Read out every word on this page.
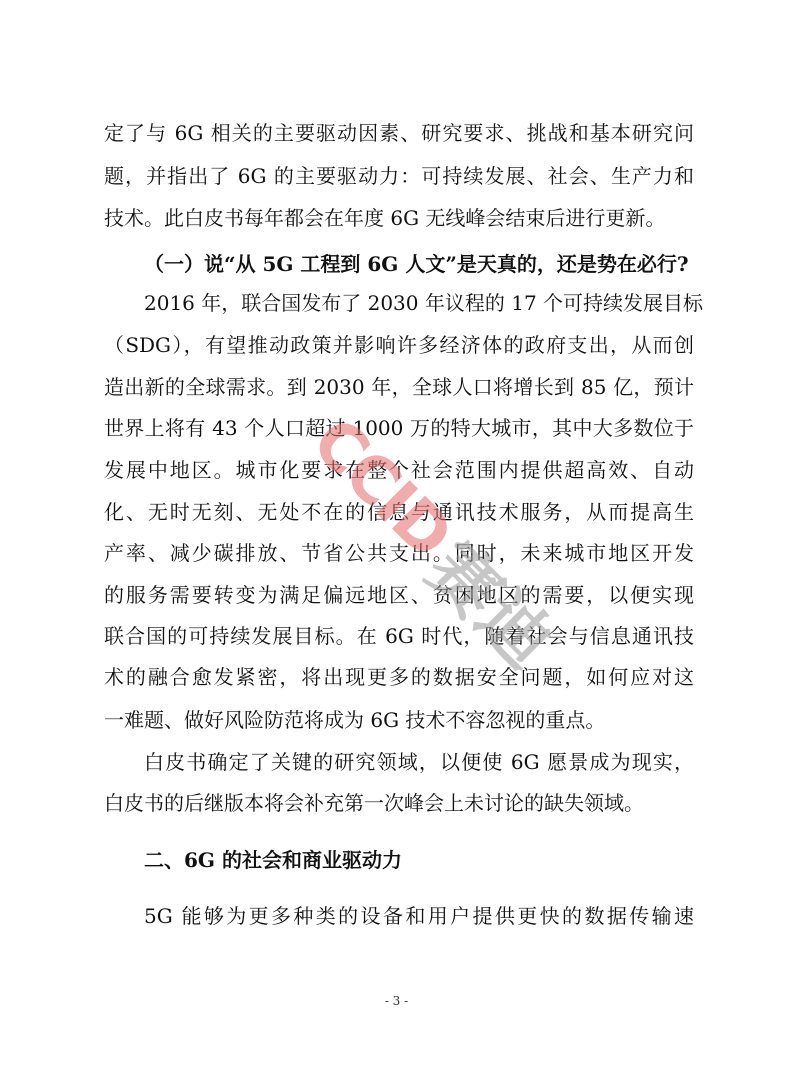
定了与 6G 相关的主要驱动因素、研究要求、挑战和基本研究问
题，并指出了 6G 的主要驱动力：可持续发展、社会、生产力和
技术。此白皮书每年都会在年度 6G 无线峰会结束后进行更新。
（一）说“从 5G 工程到 6G 人文”是天真的，还是势在必行?
2016 年，联合国发布了 2030 年议程的 17 个可持续发展目标
（SDG），有望推动政策并影响许多经济体的政府支出，从而创
造出新的全球需求。到 2030 年，全球人口将增长到 85 亿，预计
世界上将有 43 个人口超过 1000 万的特大城市，其中大多数位于
发展中地区。城市化要求在整个社会范围内提供超高效、自动
化、无时无刻、无处不在的信息与通讯技术服务，从而提高生
产率、减少碳排放、节省公共支出。同时，未来城市地区开发
的服务需要转变为满足偏远地区、贫困地区的需要，以便实现
联合国的可持续发展目标。在 6G 时代，随着社会与信息通讯技
术的融合愈发紧密，将出现更多的数据安全问题，如何应对这
一难题、做好风险防范将成为 6G 技术不容忽视的重点。
白皮书确定了关键的研究领域，以便使 6G 愿景成为现实，
白皮书的后继版本将会补充第一次峰会上未讨论的缺失领域。
二、6G 的社会和商业驱动力
5G 能够为更多种类的设备和用户提供更快的数据传输速
- 3 -
CCID
赛迪
